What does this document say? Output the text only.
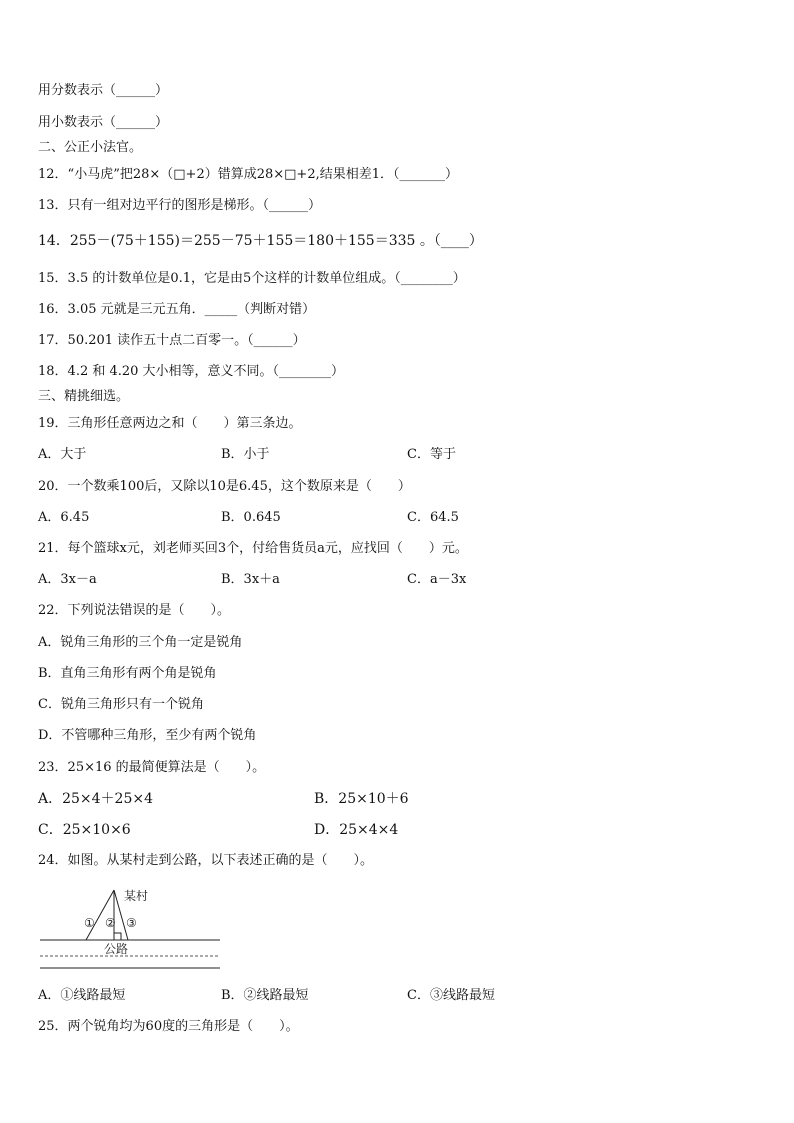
用分数表示（______）
用小数表示（______）
二、公正小法官。
12．“小马虎”把28×（□+2）错算成28×□+2,结果相差1．（_______）
13．只有一组对边平行的图形是梯形。（______）
14．255－(75＋155)＝255－75＋155＝180＋155＝335 。（____）
15．3.5 的计数单位是0.1，它是由5个这样的计数单位组成。（________）
16．3.05 元就是三元五角．_____（判断对错）
17．50.201 读作五十点二百零一。（______）
18．4.2 和 4.20 大小相等，意义不同。（________）
三、精挑细选。
19．三角形任意两边之和（　　）第三条边。
A．大于	B．小于	C．等于
20．一个数乘100后，又除以10是6.45，这个数原来是（　　）
A．6.45	B．0.645	C．64.5
21．每个篮球x元，刘老师买回3个，付给售货员a元，应找回（　　）元。
A．3x－a	B．3x＋a	C．a－3x
22．下列说法错误的是（　　）。
A．锐角三角形的三个角一定是锐角
B．直角三角形有两个角是锐角
C．锐角三角形只有一个锐角
D．不管哪种三角形，至少有两个锐角
23．25×16 的最简便算法是（　　）。
A．25×4＋25×4	B．25×10＋6
C．25×10×6	D．25×4×4
24．如图。从某村走到公路，以下表述正确的是（　　）。
某村
公路
① ② ③
A．①线路最短	B．②线路最短	C．③线路最短
25．两个锐角均为60度的三角形是（　　）。
